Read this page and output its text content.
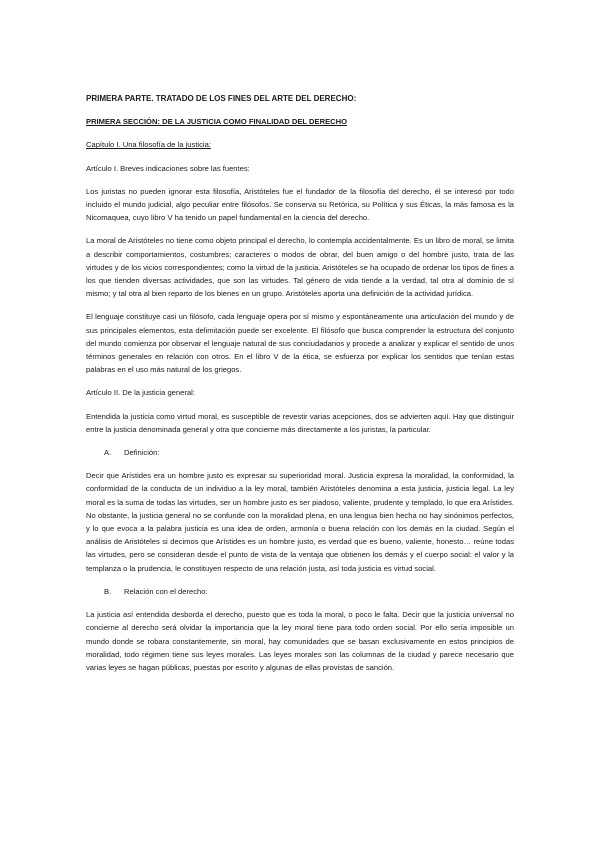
PRIMERA PARTE. TRATADO DE LOS FINES DEL ARTE DEL DERECHO:

PRIMERA SECCIÓN: DE LA JUSTICIA COMO FINALIDAD DEL DERECHO

Capítulo I. Una filosofía de la justicia:

Artículo I. Breves indicaciones sobre las fuentes:

Los juristas no pueden ignorar esta filosofía, Aristóteles fue el fundador de la filosofía del derecho, él se interesó por todo incluido el mundo judicial, algo peculiar entre filósofos. Se conserva su Retórica, su Política y sus Éticas, la más famosa es la Nicomaquea, cuyo libro V ha tenido un papel fundamental en la ciencia del derecho.

La moral de Aristóteles no tiene como objeto principal el derecho, lo contempla accidentalmente. Es un libro de moral, se limita a describir comportamientos, costumbres; caracteres o modos de obrar, del buen amigo o del hombre justo, trata de las virtudes y de los vicios correspondientes; como la virtud de la justicia. Aristóteles se ha ocupado de ordenar los tipos de fines a los que tienden diversas actividades, que son las virtudes. Tal género de vida tiende a la verdad, tal otra al dominio de sí mismo; y tal otra al bien reparto de los bienes en un grupo. Aristóteles aporta una definición de la actividad jurídica.

El lenguaje constituye casi un filósofo, cada lenguaje opera por sí mismo y espontáneamente una articulación del mundo y de sus principales elementos, esta delimitación puede ser excelente. El filósofo que busca comprender la estructura del conjunto del mundo comienza por observar el lenguaje natural de sus conciudadanos y procede a analizar y explicar el sentido de unos términos generales en relación con otros. En el libro V de la ética, se esfuerza por explicar los sentidos que tenían estas palabras en el uso más natural de los griegos.

Artículo II. De la justicia general:

Entendida la justicia como virtud moral, es susceptible de revestir varias acepciones, dos se advierten aquí. Hay que distinguir entre la justicia denominada general y otra que concierne más directamente a los juristas, la particular.

A.	Definición:

Decir que Arístides era un hombre justo es expresar su superioridad moral. Justicia expresa la moralidad, la conformidad, la conformidad de la conducta de un individuo a la ley moral, también Aristóteles denomina a esta justicia, justicia legal. La ley moral es la suma de todas las virtudes, ser un hombre justo es ser piadoso, valiente, prudente y templado, lo que era Arístides. No obstante, la justicia general no se confunde con la moralidad plena, en una lengua bien hecha no hay sinónimos perfectos, y lo que evoca a la palabra justicia es una idea de orden, armonía o buena relación con los demás en la ciudad. Según el análisis de Aristóteles si decimos que Arístides es un hombre justo, es verdad que es bueno, valiente, honesto… reúne todas las virtudes, pero se consideran desde el punto de vista de la ventaja que obtienen los demás y el cuerpo social: el valor y la templanza o la prudencia, le constituyen respecto de una relación justa, así toda justicia es virtud social.

B.	Relación con el derecho:

La justicia así entendida desborda el derecho, puesto que es toda la moral, o poco le falta. Decir que la justicia universal no concierne al derecho será olvidar la importancia que la ley moral tiene para todo orden social. Por ello sería imposible un mundo donde se robara constantemente, sin moral, hay comunidades que se basan exclusivamente en estos principios de moralidad, todo régimen tiene sus leyes morales. Las leyes morales son las columnas de la ciudad y parece necesario que varias leyes se hagan públicas, puestas por escrito y algunas de ellas provistas de sanción.
